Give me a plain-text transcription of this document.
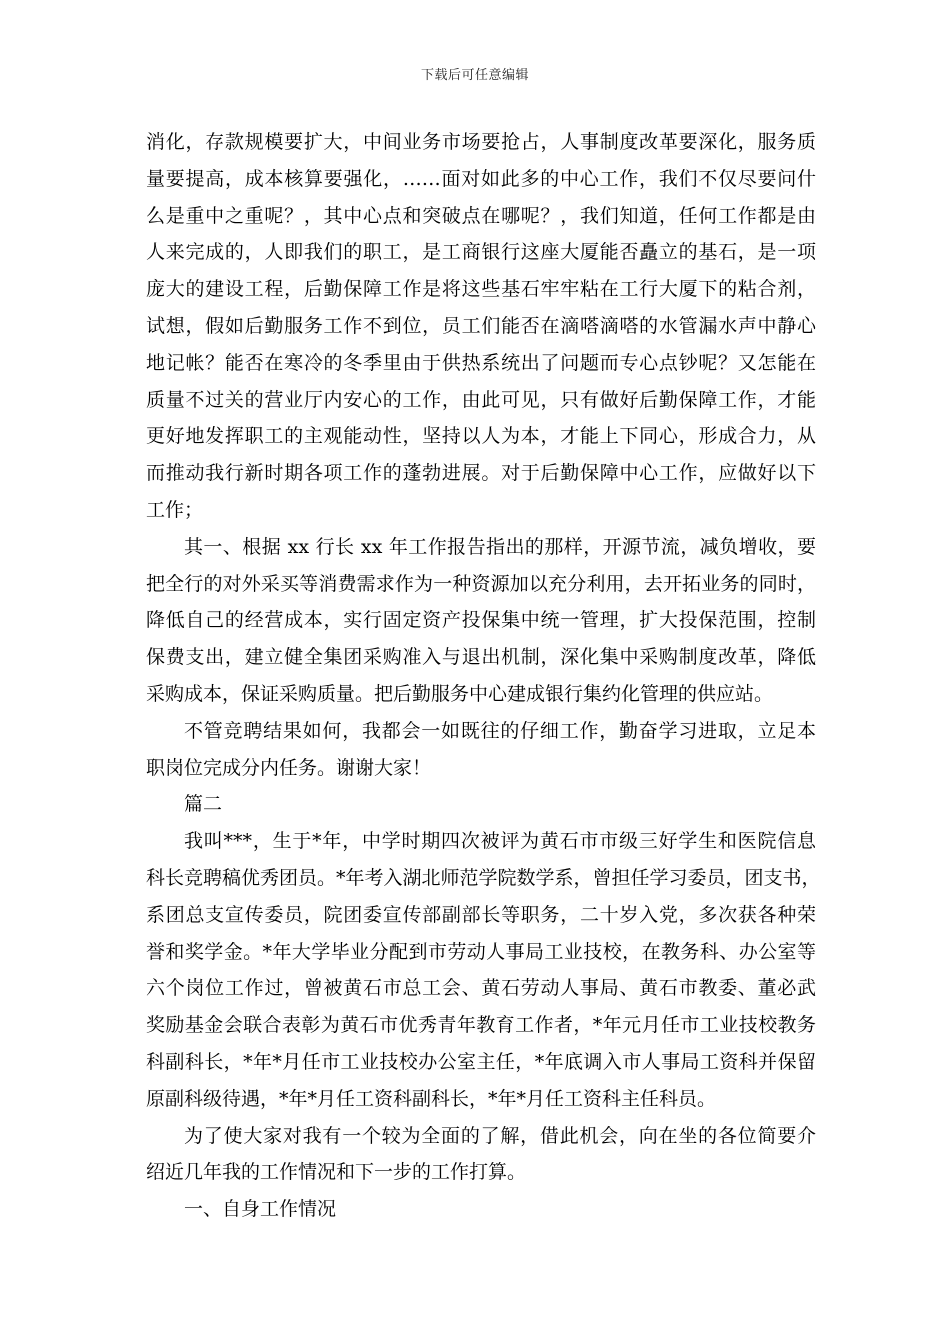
下载后可任意编辑
消化，存款规模要扩大，中间业务市场要抢占，人事制度改革要深化，服务质
量要提高，成本核算要强化，……面对如此多的中心工作，我们不仅尽要问什
么是重中之重呢？，其中心点和突破点在哪呢？，我们知道，任何工作都是由
人来完成的，人即我们的职工，是工商银行这座大厦能否矗立的基石，是一项
庞大的建设工程，后勤保障工作是将这些基石牢牢粘在工行大厦下的粘合剂，
试想，假如后勤服务工作不到位，员工们能否在滴嗒滴嗒的水管漏水声中静心
地记帐？能否在寒冷的冬季里由于供热系统出了问题而专心点钞呢？又怎能在
质量不过关的营业厅内安心的工作，由此可见，只有做好后勤保障工作，才能
更好地发挥职工的主观能动性，坚持以人为本，才能上下同心，形成合力，从
而推动我行新时期各项工作的蓬勃进展。对于后勤保障中心工作，应做好以下
工作；
其一、根据 xx 行长 xx 年工作报告指出的那样，开源节流，减负增收，要
把全行的对外采买等消费需求作为一种资源加以充分利用，去开拓业务的同时，
降低自己的经营成本，实行固定资产投保集中统一管理，扩大投保范围，控制
保费支出，建立健全集团采购准入与退出机制，深化集中采购制度改革，降低
采购成本，保证采购质量。把后勤服务中心建成银行集约化管理的供应站。
不管竞聘结果如何，我都会一如既往的仔细工作，勤奋学习进取，立足本
职岗位完成分内任务。谢谢大家！
篇二
我叫***，生于*年，中学时期四次被评为黄石市市级三好学生和医院信息
科长竞聘稿优秀团员。*年考入湖北师范学院数学系，曾担任学习委员，团支书，
系团总支宣传委员，院团委宣传部副部长等职务，二十岁入党，多次获各种荣
誉和奖学金。*年大学毕业分配到市劳动人事局工业技校，在教务科、办公室等
六个岗位工作过，曾被黄石市总工会、黄石劳动人事局、黄石市教委、董必武
奖励基金会联合表彰为黄石市优秀青年教育工作者，*年元月任市工业技校教务
科副科长，*年*月任市工业技校办公室主任，*年底调入市人事局工资科并保留
原副科级待遇，*年*月任工资科副科长，*年*月任工资科主任科员。
为了使大家对我有一个较为全面的了解，借此机会，向在坐的各位简要介
绍近几年我的工作情况和下一步的工作打算。
一、自身工作情况
